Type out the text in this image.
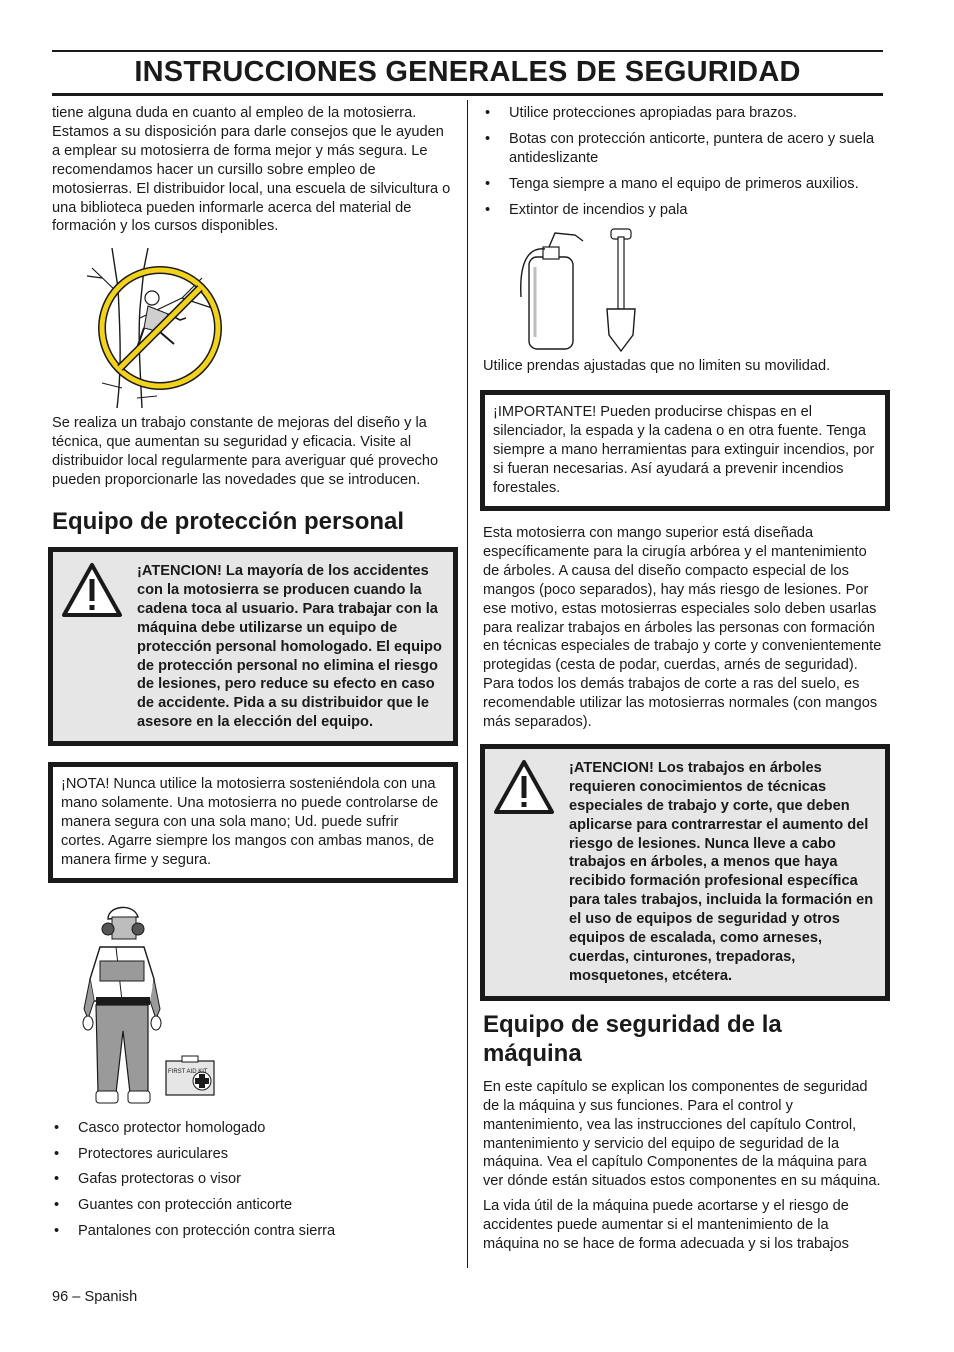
INSTRUCCIONES GENERALES DE SEGURIDAD

tiene alguna duda en cuanto al empleo de la motosierra. Estamos a su disposición para darle consejos que le ayuden a emplear su motosierra de forma mejor y más segura. Le recomendamos hacer un cursillo sobre empleo de motosierras. El distribuidor local, una escuela de silvicultura o una biblioteca pueden informarle acerca del material de formación y los cursos disponibles.

Se realiza un trabajo constante de mejoras del diseño y la técnica, que aumentan su seguridad y eficacia. Visite al distribuidor local regularmente para averiguar qué provecho pueden proporcionarle las novedades que se introducen.

Equipo de protección personal

¡ATENCION! La mayoría de los accidentes con la motosierra se producen cuando la cadena toca al usuario. Para trabajar con la máquina debe utilizarse un equipo de protección personal homologado. El equipo de protección personal no elimina el riesgo de lesiones, pero reduce su efecto en caso de accidente. Pida a su distribuidor que le asesore en la elección del equipo.

¡NOTA! Nunca utilice la motosierra sosteniéndola con una mano solamente. Una motosierra no puede controlarse de manera segura con una sola mano; Ud. puede sufrir cortes. Agarre siempre los mangos con ambas manos, de manera firme y segura.

FIRST AID KIT
• Casco protector homologado
• Protectores auriculares
• Gafas protectoras o visor
• Guantes con protección anticorte
• Pantalones con protección contra sierra
• Utilice protecciones apropiadas para brazos.
• Botas con protección anticorte, puntera de acero y suela antideslizante
• Tenga siempre a mano el equipo de primeros auxilios.
• Extintor de incendios y pala

Utilice prendas ajustadas que no limiten su movilidad.

¡IMPORTANTE! Pueden producirse chispas en el silenciador, la espada y la cadena o en otra fuente. Tenga siempre a mano herramientas para extinguir incendios, por si fueran necesarias. Así ayudará a prevenir incendios forestales.

Esta motosierra con mango superior está diseñada específicamente para la cirugía arbórea y el mantenimiento de árboles. A causa del diseño compacto especial de los mangos (poco separados), hay más riesgo de lesiones. Por ese motivo, estas motosierras especiales solo deben usarlas para realizar trabajos en árboles las personas con formación en técnicas especiales de trabajo y corte y convenientemente protegidas (cesta de podar, cuerdas, arnés de seguridad). Para todos los demás trabajos de corte a ras del suelo, es recomendable utilizar las motosierras normales (con mangos más separados).

¡ATENCION! Los trabajos en árboles requieren conocimientos de técnicas especiales de trabajo y corte, que deben aplicarse para contrarrestar el aumento del riesgo de lesiones. Nunca lleve a cabo trabajos en árboles, a menos que haya recibido formación profesional específica para tales trabajos, incluida la formación en el uso de equipos de seguridad y otros equipos de escalada, como arneses, cuerdas, cinturones, trepadoras, mosquetones, etcétera.

Equipo de seguridad de la máquina

En este capítulo se explican los componentes de seguridad de la máquina y sus funciones. Para el control y mantenimiento, vea las instrucciones del capítulo Control, mantenimiento y servicio del equipo de seguridad de la máquina. Vea el capítulo Componentes de la máquina para ver dónde están situados estos componentes en su máquina.

La vida útil de la máquina puede acortarse y el riesgo de accidentes puede aumentar si el mantenimiento de la máquina no se hace de forma adecuada y si los trabajos

96 – Spanish
